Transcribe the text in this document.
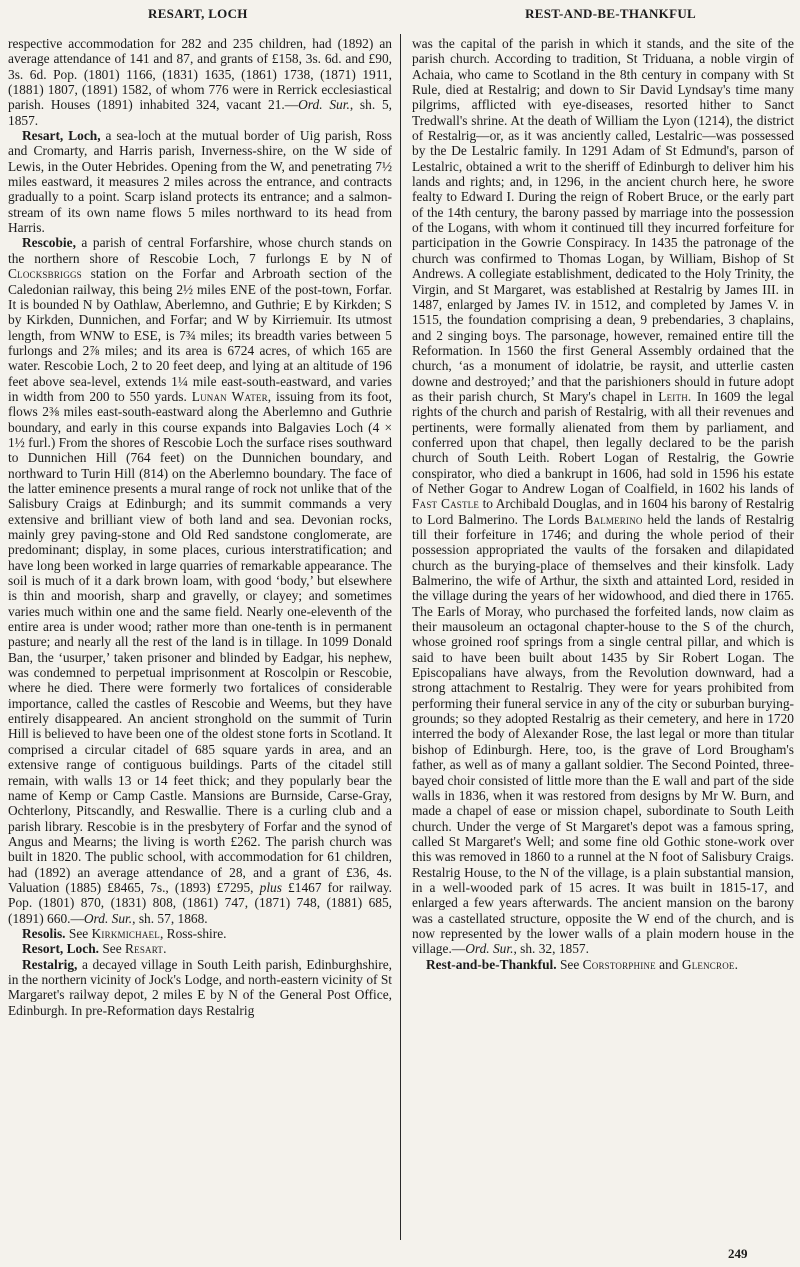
RESART, LOCH	REST-AND-BE-THANKFUL

respective accommodation for 282 and 235 children, had (1892) an average attendance of 141 and 87, and grants of £158, 3s. 6d. and £90, 3s. 6d. Pop. (1801) 1166, (1831) 1635, (1861) 1738, (1871) 1911, (1881) 1807, (1891) 1582, of whom 776 were in Rerrick ecclesiastical parish. Houses (1891) inhabited 324, vacant 21.—Ord. Sur., sh. 5, 1857.

Resart, Loch, a sea-loch at the mutual border of Uig parish, Ross and Cromarty, and Harris parish, Inverness-shire, on the W side of Lewis, in the Outer Hebrides. Opening from the W, and penetrating 7½ miles eastward, it measures 2 miles across the entrance, and contracts gradually to a point. Scarp island protects its entrance; and a salmon-stream of its own name flows 5 miles northward to its head from Harris.

Rescobie, a parish of central Forfarshire, whose church stands on the northern shore of Rescobie Loch, 7 furlongs E by N of Clocksbriggs station on the Forfar and Arbroath section of the Caledonian railway, this being 2½ miles ENE of the post-town, Forfar. It is bounded N by Oathlaw, Aberlemno, and Guthrie; E by Kirkden; S by Kirkden, Dunnichen, and Forfar; and W by Kirriemuir. Its utmost length, from WNW to ESE, is 7¾ miles; its breadth varies between 5 furlongs and 2⅞ miles; and its area is 6724 acres, of which 165 are water. Rescobie Loch, 2 to 20 feet deep, and lying at an altitude of 196 feet above sea-level, extends 1¼ mile east-south-eastward, and varies in width from 200 to 550 yards. Lunan Water, issuing from its foot, flows 2⅜ miles east-south-eastward along the Aberlemno and Guthrie boundary, and early in this course expands into Balgavies Loch (4 × 1½ furl.) From the shores of Rescobie Loch the surface rises southward to Dunnichen Hill (764 feet) on the Dunnichen boundary, and northward to Turin Hill (814) on the Aberlemno boundary. The face of the latter eminence presents a mural range of rock not unlike that of the Salisbury Craigs at Edinburgh; and its summit commands a very extensive and brilliant view of both land and sea. Devonian rocks, mainly grey paving-stone and Old Red sandstone conglomerate, are predominant; display, in some places, curious interstratification; and have long been worked in large quarries of remarkable appearance. The soil is much of it a dark brown loam, with good ‘body,’ but elsewhere is thin and moorish, sharp and gravelly, or clayey; and sometimes varies much within one and the same field. Nearly one-eleventh of the entire area is under wood; rather more than one-tenth is in permanent pasture; and nearly all the rest of the land is in tillage. In 1099 Donald Ban, the ‘usurper,’ taken prisoner and blinded by Eadgar, his nephew, was condemned to perpetual imprisonment at Roscolpin or Rescobie, where he died. There were formerly two fortalices of considerable importance, called the castles of Rescobie and Weems, but they have entirely disappeared. An ancient stronghold on the summit of Turin Hill is believed to have been one of the oldest stone forts in Scotland. It comprised a circular citadel of 685 square yards in area, and an extensive range of contiguous buildings. Parts of the citadel still remain, with walls 13 or 14 feet thick; and they popularly bear the name of Kemp or Camp Castle. Mansions are Burnside, Carse-Gray, Ochterlony, Pitscandly, and Reswallie. There is a curling club and a parish library. Rescobie is in the presbytery of Forfar and the synod of Angus and Mearns; the living is worth £262. The parish church was built in 1820. The public school, with accommodation for 61 children, had (1892) an average attendance of 28, and a grant of £36, 4s. Valuation (1885) £8465, 7s., (1893) £7295, plus £1467 for railway. Pop. (1801) 870, (1831) 808, (1861) 747, (1871) 748, (1881) 685, (1891) 660.—Ord. Sur., sh. 57, 1868.

Resolis. See Kirkmichael, Ross-shire.

Resort, Loch. See Resart.

Restalrig, a decayed village in South Leith parish, Edinburghshire, in the northern vicinity of Jock's Lodge, and north-eastern vicinity of St Margaret's railway depot, 2 miles E by N of the General Post Office, Edinburgh. In pre-Reformation days Restalrig

was the capital of the parish in which it stands, and the site of the parish church. According to tradition, St Triduana, a noble virgin of Achaia, who came to Scotland in the 8th century in company with St Rule, died at Restalrig; and down to Sir David Lyndsay's time many pilgrims, afflicted with eye-diseases, resorted hither to Sanct Tredwall's shrine. At the death of William the Lyon (1214), the district of Restalrig—or, as it was anciently called, Lestalric—was possessed by the De Lestalric family. In 1291 Adam of St Edmund's, parson of Lestalric, obtained a writ to the sheriff of Edinburgh to deliver him his lands and rights; and, in 1296, in the ancient church here, he swore fealty to Edward I. During the reign of Robert Bruce, or the early part of the 14th century, the barony passed by marriage into the possession of the Logans, with whom it continued till they incurred forfeiture for participation in the Gowrie Conspiracy. In 1435 the patronage of the church was confirmed to Thomas Logan, by William, Bishop of St Andrews. A collegiate establishment, dedicated to the Holy Trinity, the Virgin, and St Margaret, was established at Restalrig by James III. in 1487, enlarged by James IV. in 1512, and completed by James V. in 1515, the foundation comprising a dean, 9 prebendaries, 3 chaplains, and 2 singing boys. The parsonage, however, remained entire till the Reformation. In 1560 the first General Assembly ordained that the church, ‘as a monument of idolatrie, be raysit, and utterlie casten downe and destroyed;’ and that the parishioners should in future adopt as their parish church, St Mary's chapel in Leith. In 1609 the legal rights of the church and parish of Restalrig, with all their revenues and pertinents, were formally alienated from them by parliament, and conferred upon that chapel, then legally declared to be the parish church of South Leith. Robert Logan of Restalrig, the Gowrie conspirator, who died a bankrupt in 1606, had sold in 1596 his estate of Nether Gogar to Andrew Logan of Coalfield, in 1602 his lands of Fast Castle to Archibald Douglas, and in 1604 his barony of Restalrig to Lord Balmerino. The Lords Balmerino held the lands of Restalrig till their forfeiture in 1746; and during the whole period of their possession appropriated the vaults of the forsaken and dilapidated church as the burying-place of themselves and their kinsfolk. Lady Balmerino, the wife of Arthur, the sixth and attainted Lord, resided in the village during the years of her widowhood, and died there in 1765. The Earls of Moray, who purchased the forfeited lands, now claim as their mausoleum an octagonal chapter-house to the S of the church, whose groined roof springs from a single central pillar, and which is said to have been built about 1435 by Sir Robert Logan. The Episcopalians have always, from the Revolution downward, had a strong attachment to Restalrig. They were for years prohibited from performing their funeral service in any of the city or suburban burying-grounds; so they adopted Restalrig as their cemetery, and here in 1720 interred the body of Alexander Rose, the last legal or more than titular bishop of Edinburgh. Here, too, is the grave of Lord Brougham's father, as well as of many a gallant soldier. The Second Pointed, three-bayed choir consisted of little more than the E wall and part of the side walls in 1836, when it was restored from designs by Mr W. Burn, and made a chapel of ease or mission chapel, subordinate to South Leith church. Under the verge of St Margaret's depot was a famous spring, called St Margaret's Well; and some fine old Gothic stone-work over this was removed in 1860 to a runnel at the N foot of Salisbury Craigs. Restalrig House, to the N of the village, is a plain substantial mansion, in a well-wooded park of 15 acres. It was built in 1815-17, and enlarged a few years afterwards. The ancient mansion on the barony was a castellated structure, opposite the W end of the church, and is now represented by the lower walls of a plain modern house in the village.—Ord. Sur., sh. 32, 1857.

Rest-and-be-Thankful. See Corstorphine and Glencroe.

249
